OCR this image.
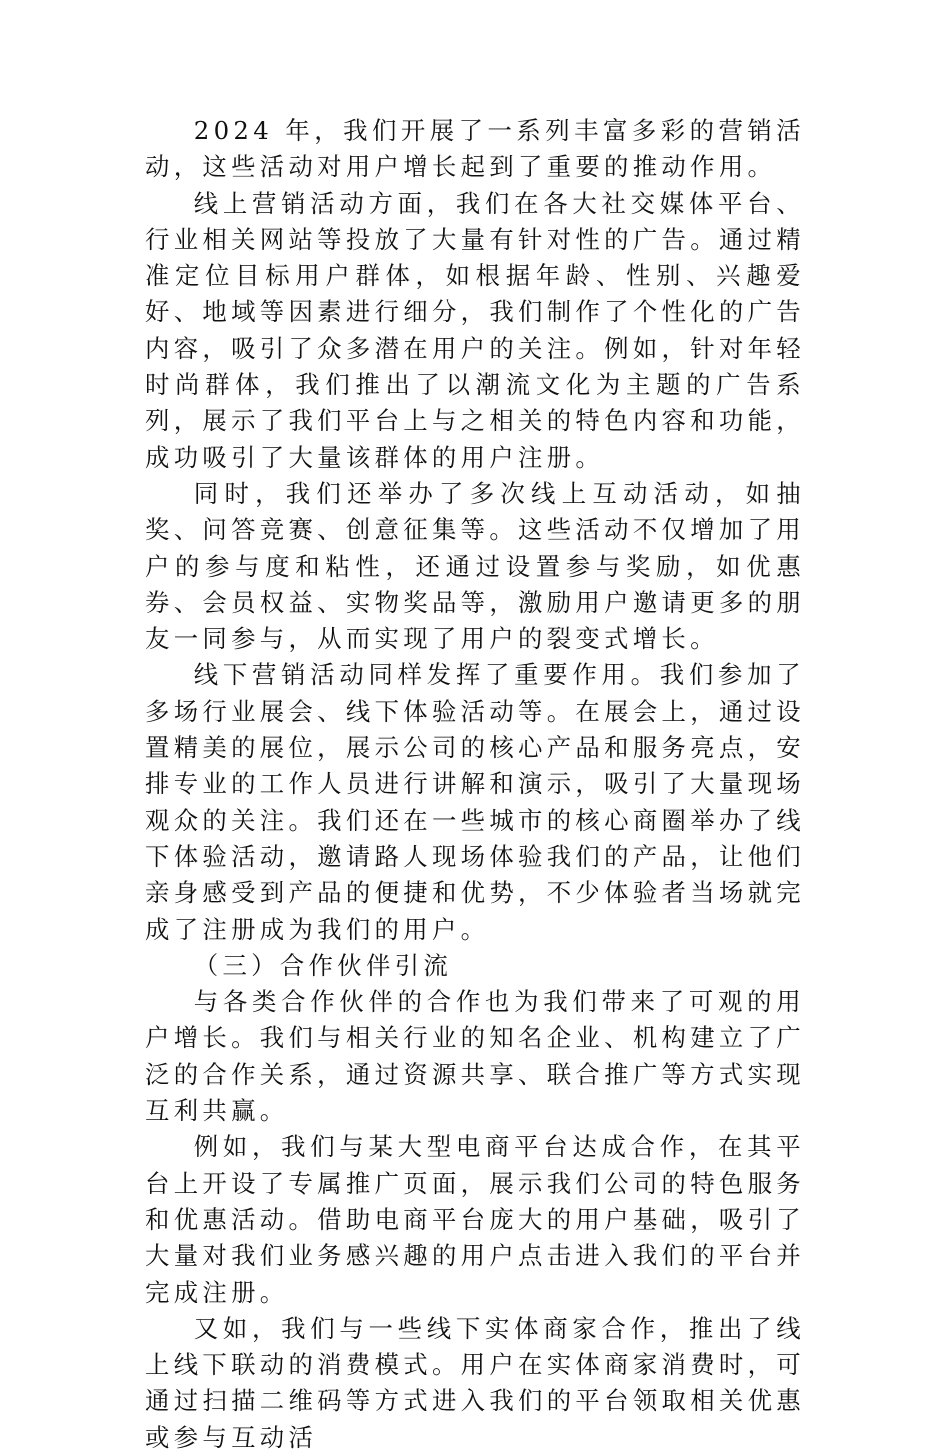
2024 年，我们开展了一系列丰富多彩的营销活动，这些活动对用户增长起到了重要的推动作用。

线上营销活动方面，我们在各大社交媒体平台、行业相关网站等投放了大量有针对性的广告。通过精准定位目标用户群体，如根据年龄、性别、兴趣爱好、地域等因素进行细分，我们制作了个性化的广告内容，吸引了众多潜在用户的关注。例如，针对年轻时尚群体，我们推出了以潮流文化为主题的广告系列，展示了我们平台上与之相关的特色内容和功能，成功吸引了大量该群体的用户注册。

同时，我们还举办了多次线上互动活动，如抽奖、问答竞赛、创意征集等。这些活动不仅增加了用户的参与度和粘性，还通过设置参与奖励，如优惠券、会员权益、实物奖品等，激励用户邀请更多的朋友一同参与，从而实现了用户的裂变式增长。

线下营销活动同样发挥了重要作用。我们参加了多场行业展会、线下体验活动等。在展会上，通过设置精美的展位，展示公司的核心产品和服务亮点，安排专业的工作人员进行讲解和演示，吸引了大量现场观众的关注。我们还在一些城市的核心商圈举办了线下体验活动，邀请路人现场体验我们的产品，让他们亲身感受到产品的便捷和优势，不少体验者当场就完成了注册成为我们的用户。

（三）合作伙伴引流

与各类合作伙伴的合作也为我们带来了可观的用户增长。我们与相关行业的知名企业、机构建立了广泛的合作关系，通过资源共享、联合推广等方式实现互利共赢。

例如，我们与某大型电商平台达成合作，在其平台上开设了专属推广页面，展示我们公司的特色服务和优惠活动。借助电商平台庞大的用户基础，吸引了大量对我们业务感兴趣的用户点击进入我们的平台并完成注册。

又如，我们与一些线下实体商家合作，推出了线上线下联动的消费模式。用户在实体商家消费时，可通过扫描二维码等方式进入我们的平台领取相关优惠或参与互动活
